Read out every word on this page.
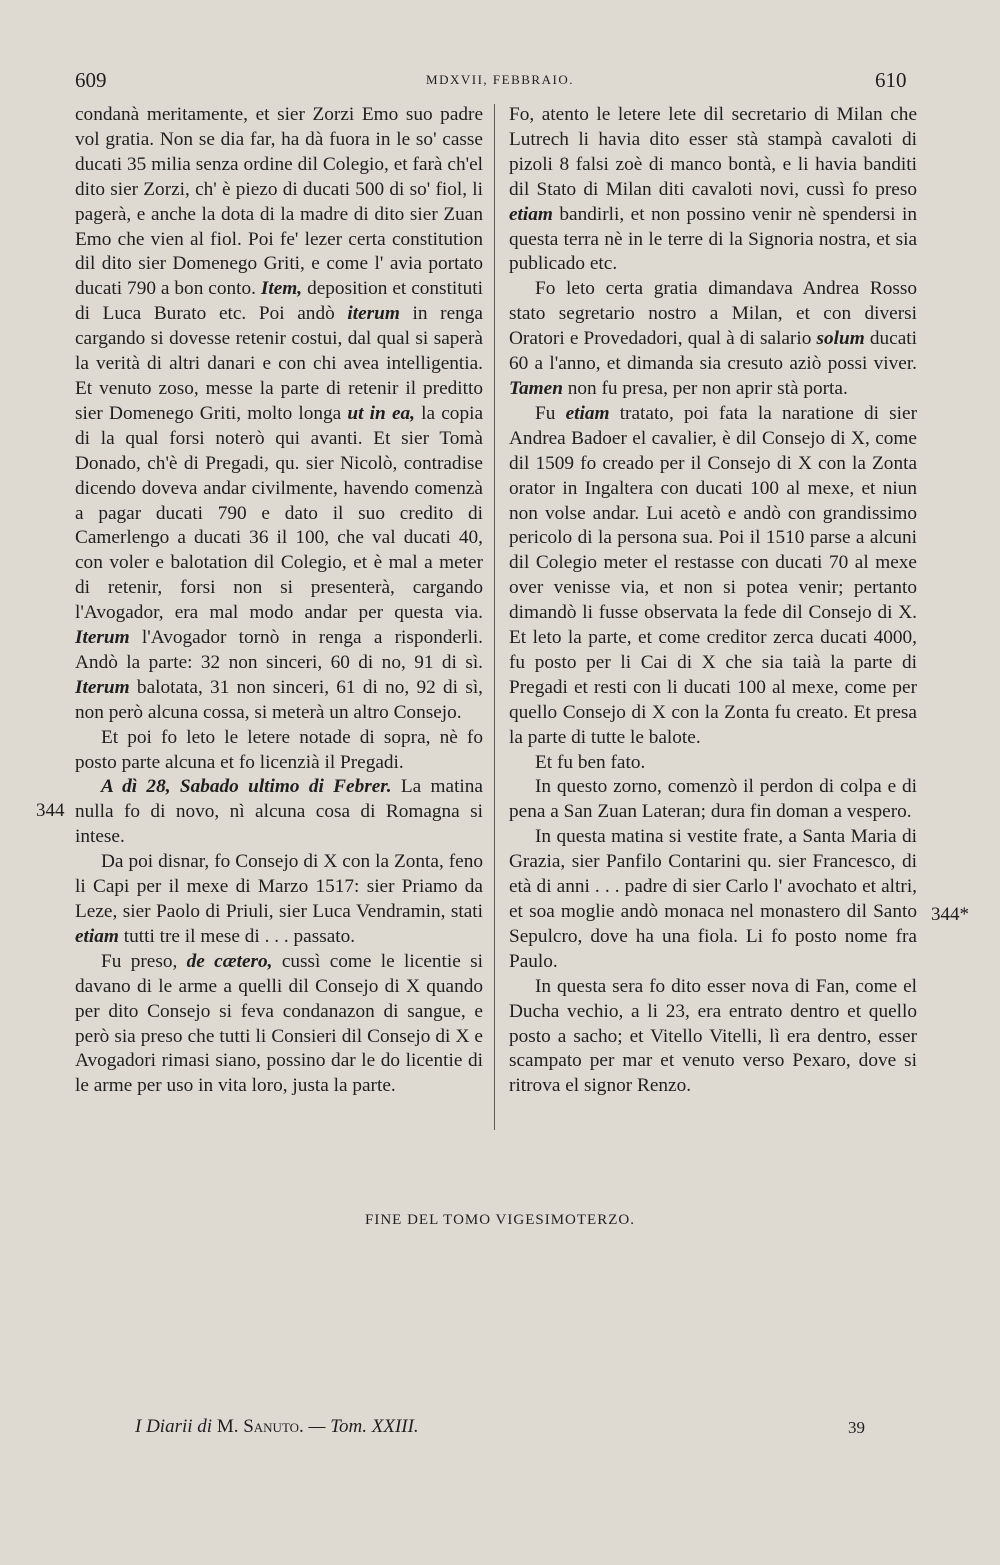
609	MDXVII, FEBBRAIO.	610

condanà meritamente, et sier Zorzi Emo suo padre vol gratia. Non se dia far, ha dà fuora in le so' casse ducati 35 milia senza ordine dil Colegio, et farà ch'el dito sier Zorzi, ch' è piezo di ducati 500 di so' fiol, li pagerà, e anche la dota di la madre di dito sier Zuan Emo che vien al fiol. Poi fe' lezer certa constitution dil dito sier Domenego Griti, e come l' avia portato ducati 790 a bon conto. Item, deposition et constituti di Luca Burato etc. Poi andò iterum in renga cargando si dovesse retenir costui, dal qual si saperà la verità di altri danari e con chi avea intelligentia. Et venuto zoso, messe la parte di retenir il preditto sier Domenego Griti, molto longa ut in ea, la copia di la qual forsi noterò qui avanti. Et sier Tomà Donado, ch'è di Pregadi, qu. sier Nicolò, contradise dicendo doveva andar civilmente, havendo comenzà a pagar ducati 790 e dato il suo credito di Camerlengo a ducati 36 il 100, che val ducati 40, con voler e balotation dil Colegio, et è mal a meter di retenir, forsi non si presenterà, cargando l'Avogador, era mal modo andar per questa via. Iterum l'Avogador tornò in renga a risponderli. Andò la parte: 32 non sinceri, 60 di no, 91 di sì. Iterum balotata, 31 non sinceri, 61 di no, 92 di sì, non però alcuna cossa, si meterà un altro Consejo.

Et poi fo leto le letere notade di sopra, nè fo posto parte alcuna et fo licenzià il Pregadi.

A dì 28, Sabado ultimo di Febrer. La matina nulla fo di novo, nì alcuna cosa di Romagna si intese.

Da poi disnar, fo Consejo di X con la Zonta, feno li Capi per il mexe di Marzo 1517: sier Priamo da Leze, sier Paolo di Priuli, sier Luca Vendramin, stati etiam tutti tre il mese di . . . passato.

Fu preso, de cætero, cussì come le licentie si davano di le arme a quelli dil Consejo di X quando per dito Consejo si feva condanazon di sangue, e però sia preso che tutti li Consieri dil Consejo di X e Avogadori rimasi siano, possino dar le do licentie di le arme per uso in vita loro, justa la parte.

Fo, atento le letere lete dil secretario di Milan che Lutrech li havia dito esser stà stampà cavaloti di pizoli 8 falsi zoè di manco bontà, e li havia banditi dil Stato di Milan diti cavaloti novi, cussì fo preso etiam bandirli, et non possino venir nè spendersi in questa terra nè in le terre di la Signoria nostra, et sia publicado etc.

Fo leto certa gratia dimandava Andrea Rosso stato segretario nostro a Milan, et con diversi Oratori e Provedadori, qual à di salario solum ducati 60 a l'anno, et dimanda sia cresuto aziò possi viver. Tamen non fu presa, per non aprir stà porta.

Fu etiam tratato, poi fata la naratione di sier Andrea Badoer el cavalier, è dil Consejo di X, come dil 1509 fo creado per il Consejo di X con la Zonta orator in Ingaltera con ducati 100 al mexe, et niun non volse andar. Lui acetò e andò con grandissimo pericolo di la persona sua. Poi il 1510 parse a alcuni dil Colegio meter el restasse con ducati 70 al mexe over venisse via, et non si potea venir; pertanto dimandò li fusse observata la fede dil Consejo di X. Et leto la parte, et come creditor zerca ducati 4000, fu posto per li Cai di X che sia taià la parte di Pregadi et resti con li ducati 100 al mexe, come per quello Consejo di X con la Zonta fu creato. Et presa la parte di tutte le balote.

Et fu ben fato.

In questo zorno, comenzò il perdon di colpa e di pena a San Zuan Lateran; dura fin doman a vespero.

In questa matina si vestite frate, a Santa Maria di Grazia, sier Panfilo Contarini qu. sier Francesco, di età di anni . . . padre di sier Carlo l' avochato et altri, et soa moglie andò monaca nel monastero dil Santo Sepulcro, dove ha una fiola. Li fo posto nome fra Paulo.

In questa sera fo dito esser nova di Fan, come el Ducha vechio, a li 23, era entrato dentro et quello posto a sacho; et Vitello Vitelli, lì era dentro, esser scampato per mar et venuto verso Pexaro, dove si ritrova el signor Renzo.

344
344*
FINE DEL TOMO VIGESIMOTERZO.
I Diarii di M. Sanuto. — Tom. XXIII.	39
